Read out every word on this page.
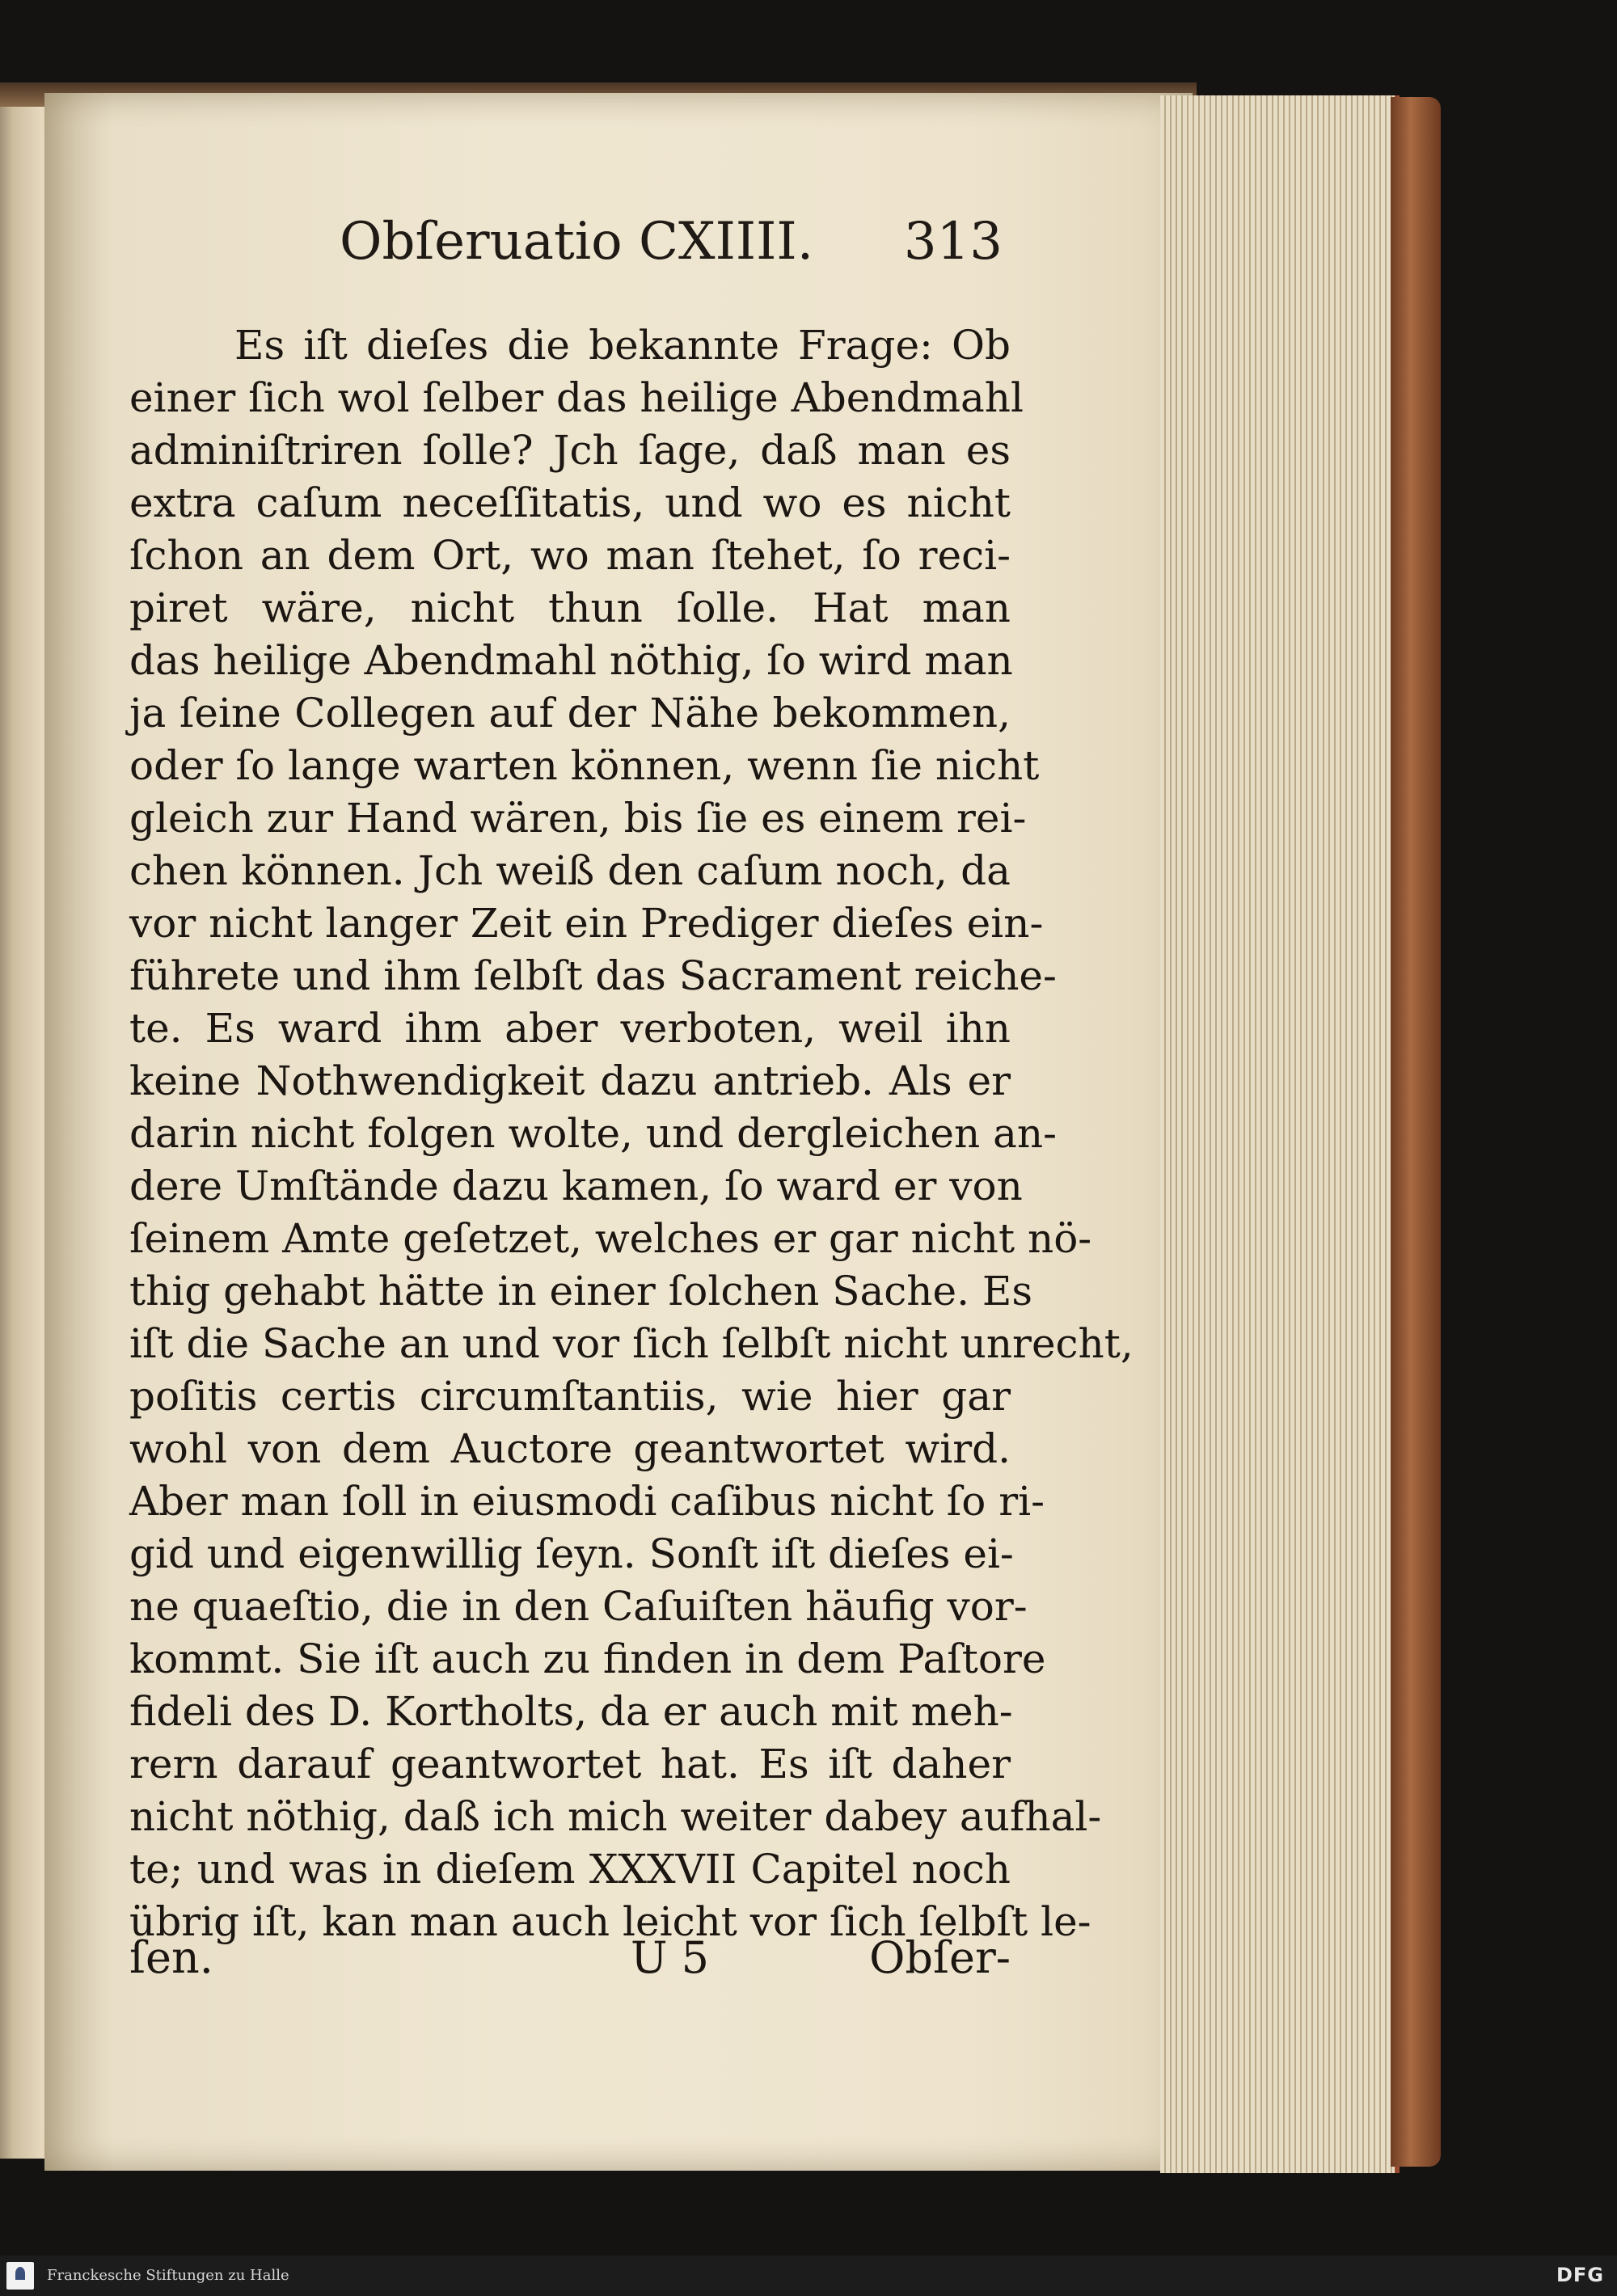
Obſeruatio CXIIII. 313
Es iſt dieſes die bekannte Frage: Ob
einer ſich wol ſelber das heilige Abendmahl
adminiſtriren ſolle? Jch ſage, daß man es
extra caſum neceſſitatis, und wo es nicht
ſchon an dem Ort, wo man ſtehet, ſo reci-
piret wäre, nicht thun ſolle. Hat man
das heilige Abendmahl nöthig, ſo wird man
ja ſeine Collegen auf der Nähe bekommen,
oder ſo lange warten können, wenn ſie nicht
gleich zur Hand wären, bis ſie es einem rei-
chen können. Jch weiß den caſum noch, da
vor nicht langer Zeit ein Prediger dieſes ein-
führete und ihm ſelbſt das Sacrament reiche-
te. Es ward ihm aber verboten, weil ihn
keine Nothwendigkeit dazu antrieb. Als er
darin nicht folgen wolte, und dergleichen an-
dere Umſtände dazu kamen, ſo ward er von
ſeinem Amte geſetzet, welches er gar nicht nö-
thig gehabt hätte in einer ſolchen Sache. Es
iſt die Sache an und vor ſich ſelbſt nicht unrecht,
poſitis certis circumſtantiis, wie hier gar
wohl von dem Auctore geantwortet wird.
Aber man ſoll in eiusmodi caſibus nicht ſo ri-
gid und eigenwillig ſeyn. Sonſt iſt dieſes ei-
ne quaeſtio, die in den Caſuiſten häufig vor-
kommt. Sie iſt auch zu finden in dem Paſtore
fideli des D. Kortholts, da er auch mit meh-
rern darauf geantwortet hat. Es iſt daher
nicht nöthig, daß ich mich weiter dabey aufhal-
te; und was in dieſem XXXVII Capitel noch
übrig iſt, kan man auch leicht vor ſich ſelbſt le-
ſen.	U 5	Obſer-
Franckesche Stiftungen zu Halle	DFG
